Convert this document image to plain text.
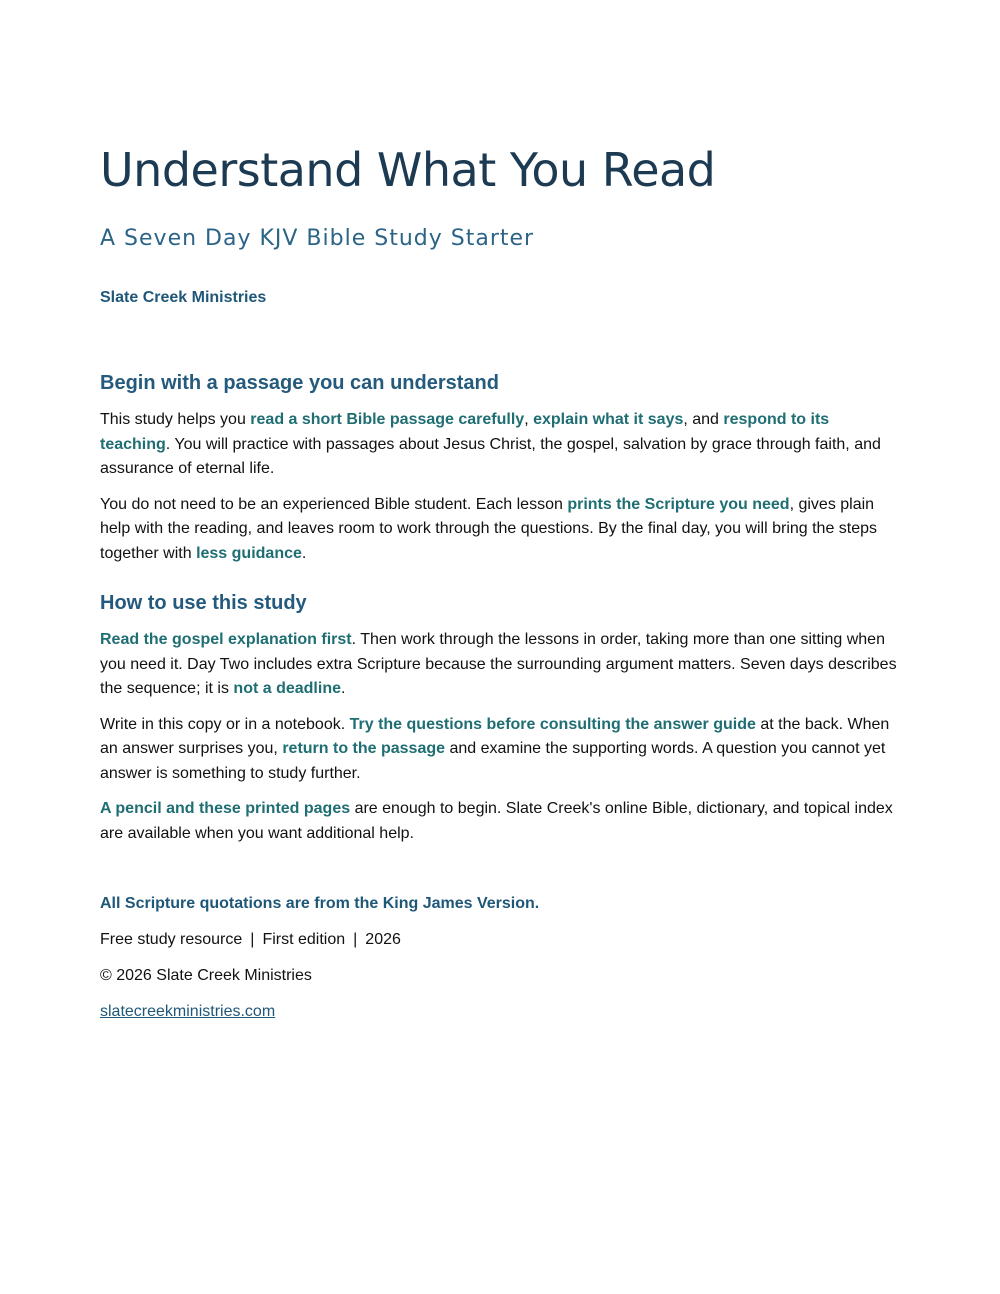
Understand What You Read
A Seven Day KJV Bible Study Starter
Slate Creek Ministries
Begin with a passage you can understand

This study helps you read a short Bible passage carefully, explain what it says, and respond to its teaching. You will practice with passages about Jesus Christ, the gospel, salvation by grace through faith, and assurance of eternal life.

You do not need to be an experienced Bible student. Each lesson prints the Scripture you need, gives plain help with the reading, and leaves room to work through the questions. By the final day, you will bring the steps together with less guidance.

How to use this study

Read the gospel explanation first. Then work through the lessons in order, taking more than one sitting when you need it. Day Two includes extra Scripture because the surrounding argument matters. Seven days describes the sequence; it is not a deadline.

Write in this copy or in a notebook. Try the questions before consulting the answer guide at the back. When an answer surprises you, return to the passage and examine the supporting words. A question you cannot yet answer is something to study further.

A pencil and these printed pages are enough to begin. Slate Creek's online Bible, dictionary, and topical index are available when you want additional help.

All Scripture quotations are from the King James Version.

Free study resource | First edition | 2026

© 2026 Slate Creek Ministries

slatecreekministries.com
